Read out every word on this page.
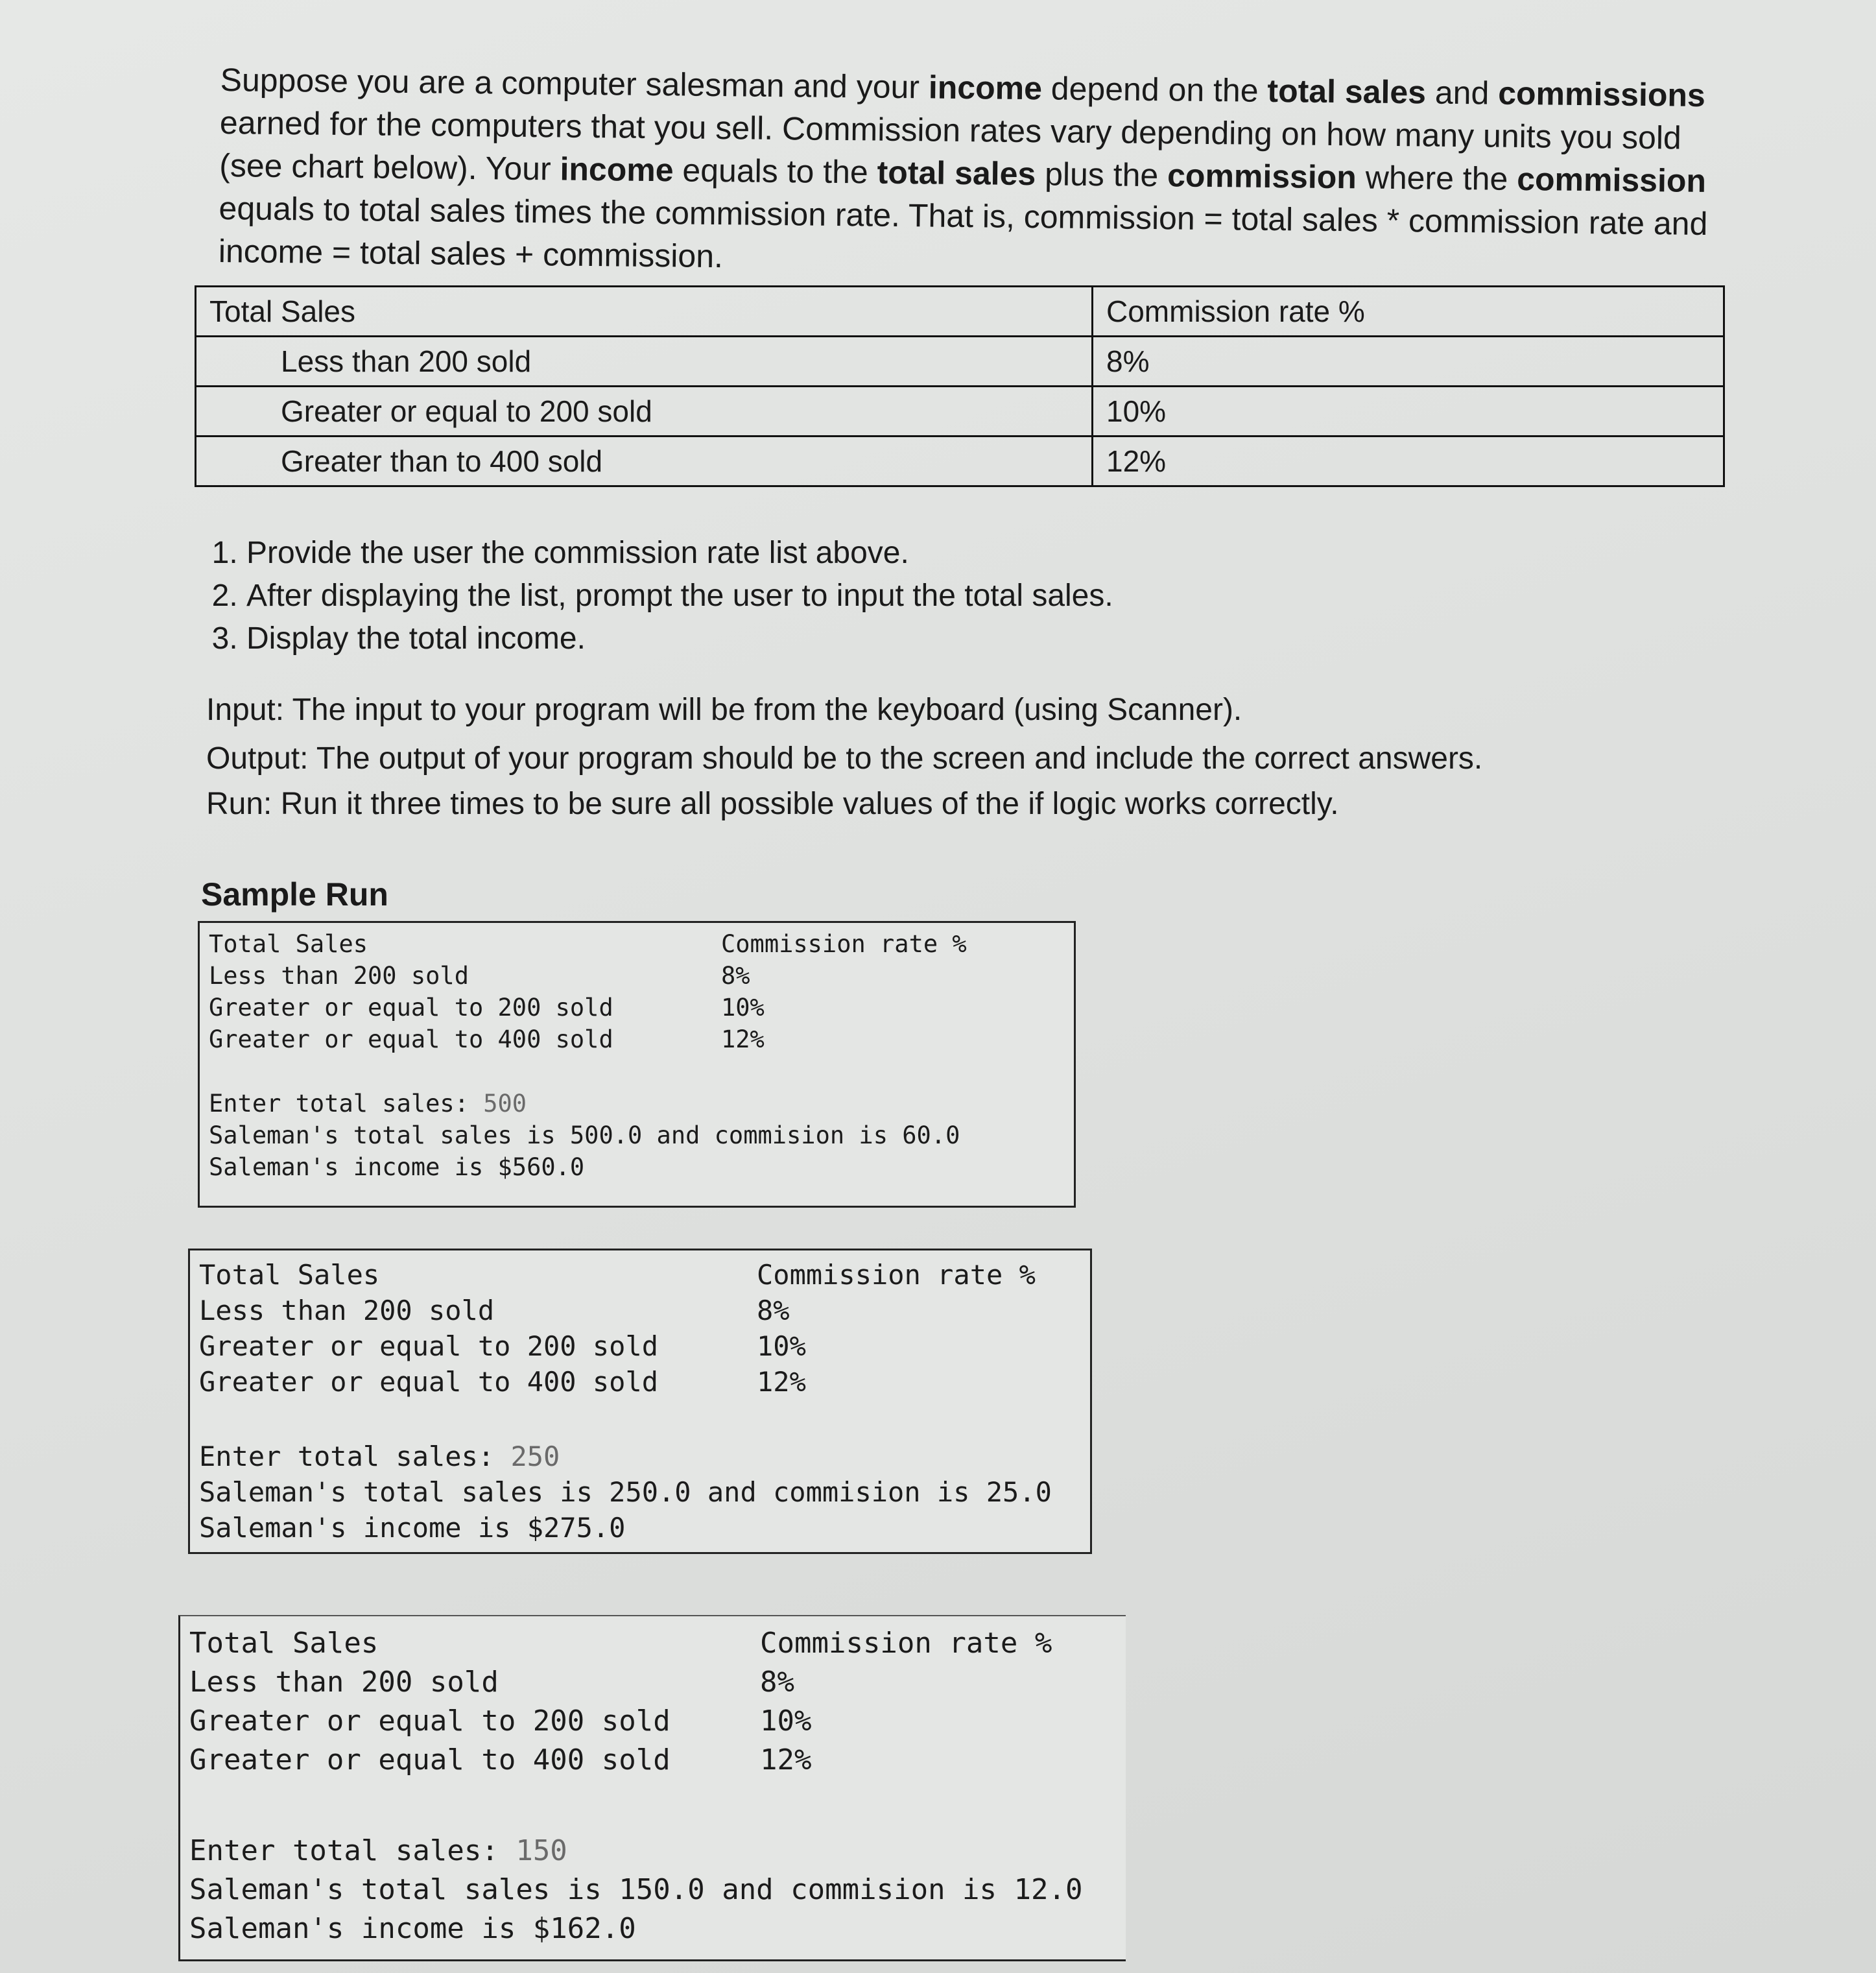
Suppose you are a computer salesman and your income depend on the total sales and commissions earned for the computers that you sell. Commission rates vary depending on how many units you sold (see chart below). Your income equals to the total sales plus the commission where the commission equals to total sales times the commission rate. That is, commission = total sales * commission rate and income = total sales + commission.
Total Sales	Commission rate %
Less than 200 sold	8%
Greater or equal to 200 sold	10%
Greater than to 400 sold	12%
1. Provide the user the commission rate list above.
2. After displaying the list, prompt the user to input the total sales.
3. Display the total income.
Input: The input to your program will be from the keyboard (using Scanner).
Output: The output of your program should be to the screen and include the correct answers.
Run: Run it three times to be sure all possible values of the if logic works correctly.
Sample Run
Total Sales	Commission rate %
Less than 200 sold	8%
Greater or equal to 200 sold	10%
Greater or equal to 400 sold	12%
Enter total sales: 500
Saleman's total sales is 500.0 and commision is 60.0
Saleman's income is $560.0
Total Sales	Commission rate %
Less than 200 sold	8%
Greater or equal to 200 sold	10%
Greater or equal to 400 sold	12%
Enter total sales: 250
Saleman's total sales is 250.0 and commision is 25.0
Saleman's income is $275.0
Total Sales	Commission rate %
Less than 200 sold	8%
Greater or equal to 200 sold	10%
Greater or equal to 400 sold	12%
Enter total sales: 150
Saleman's total sales is 150.0 and commision is 12.0
Saleman's income is $162.0
